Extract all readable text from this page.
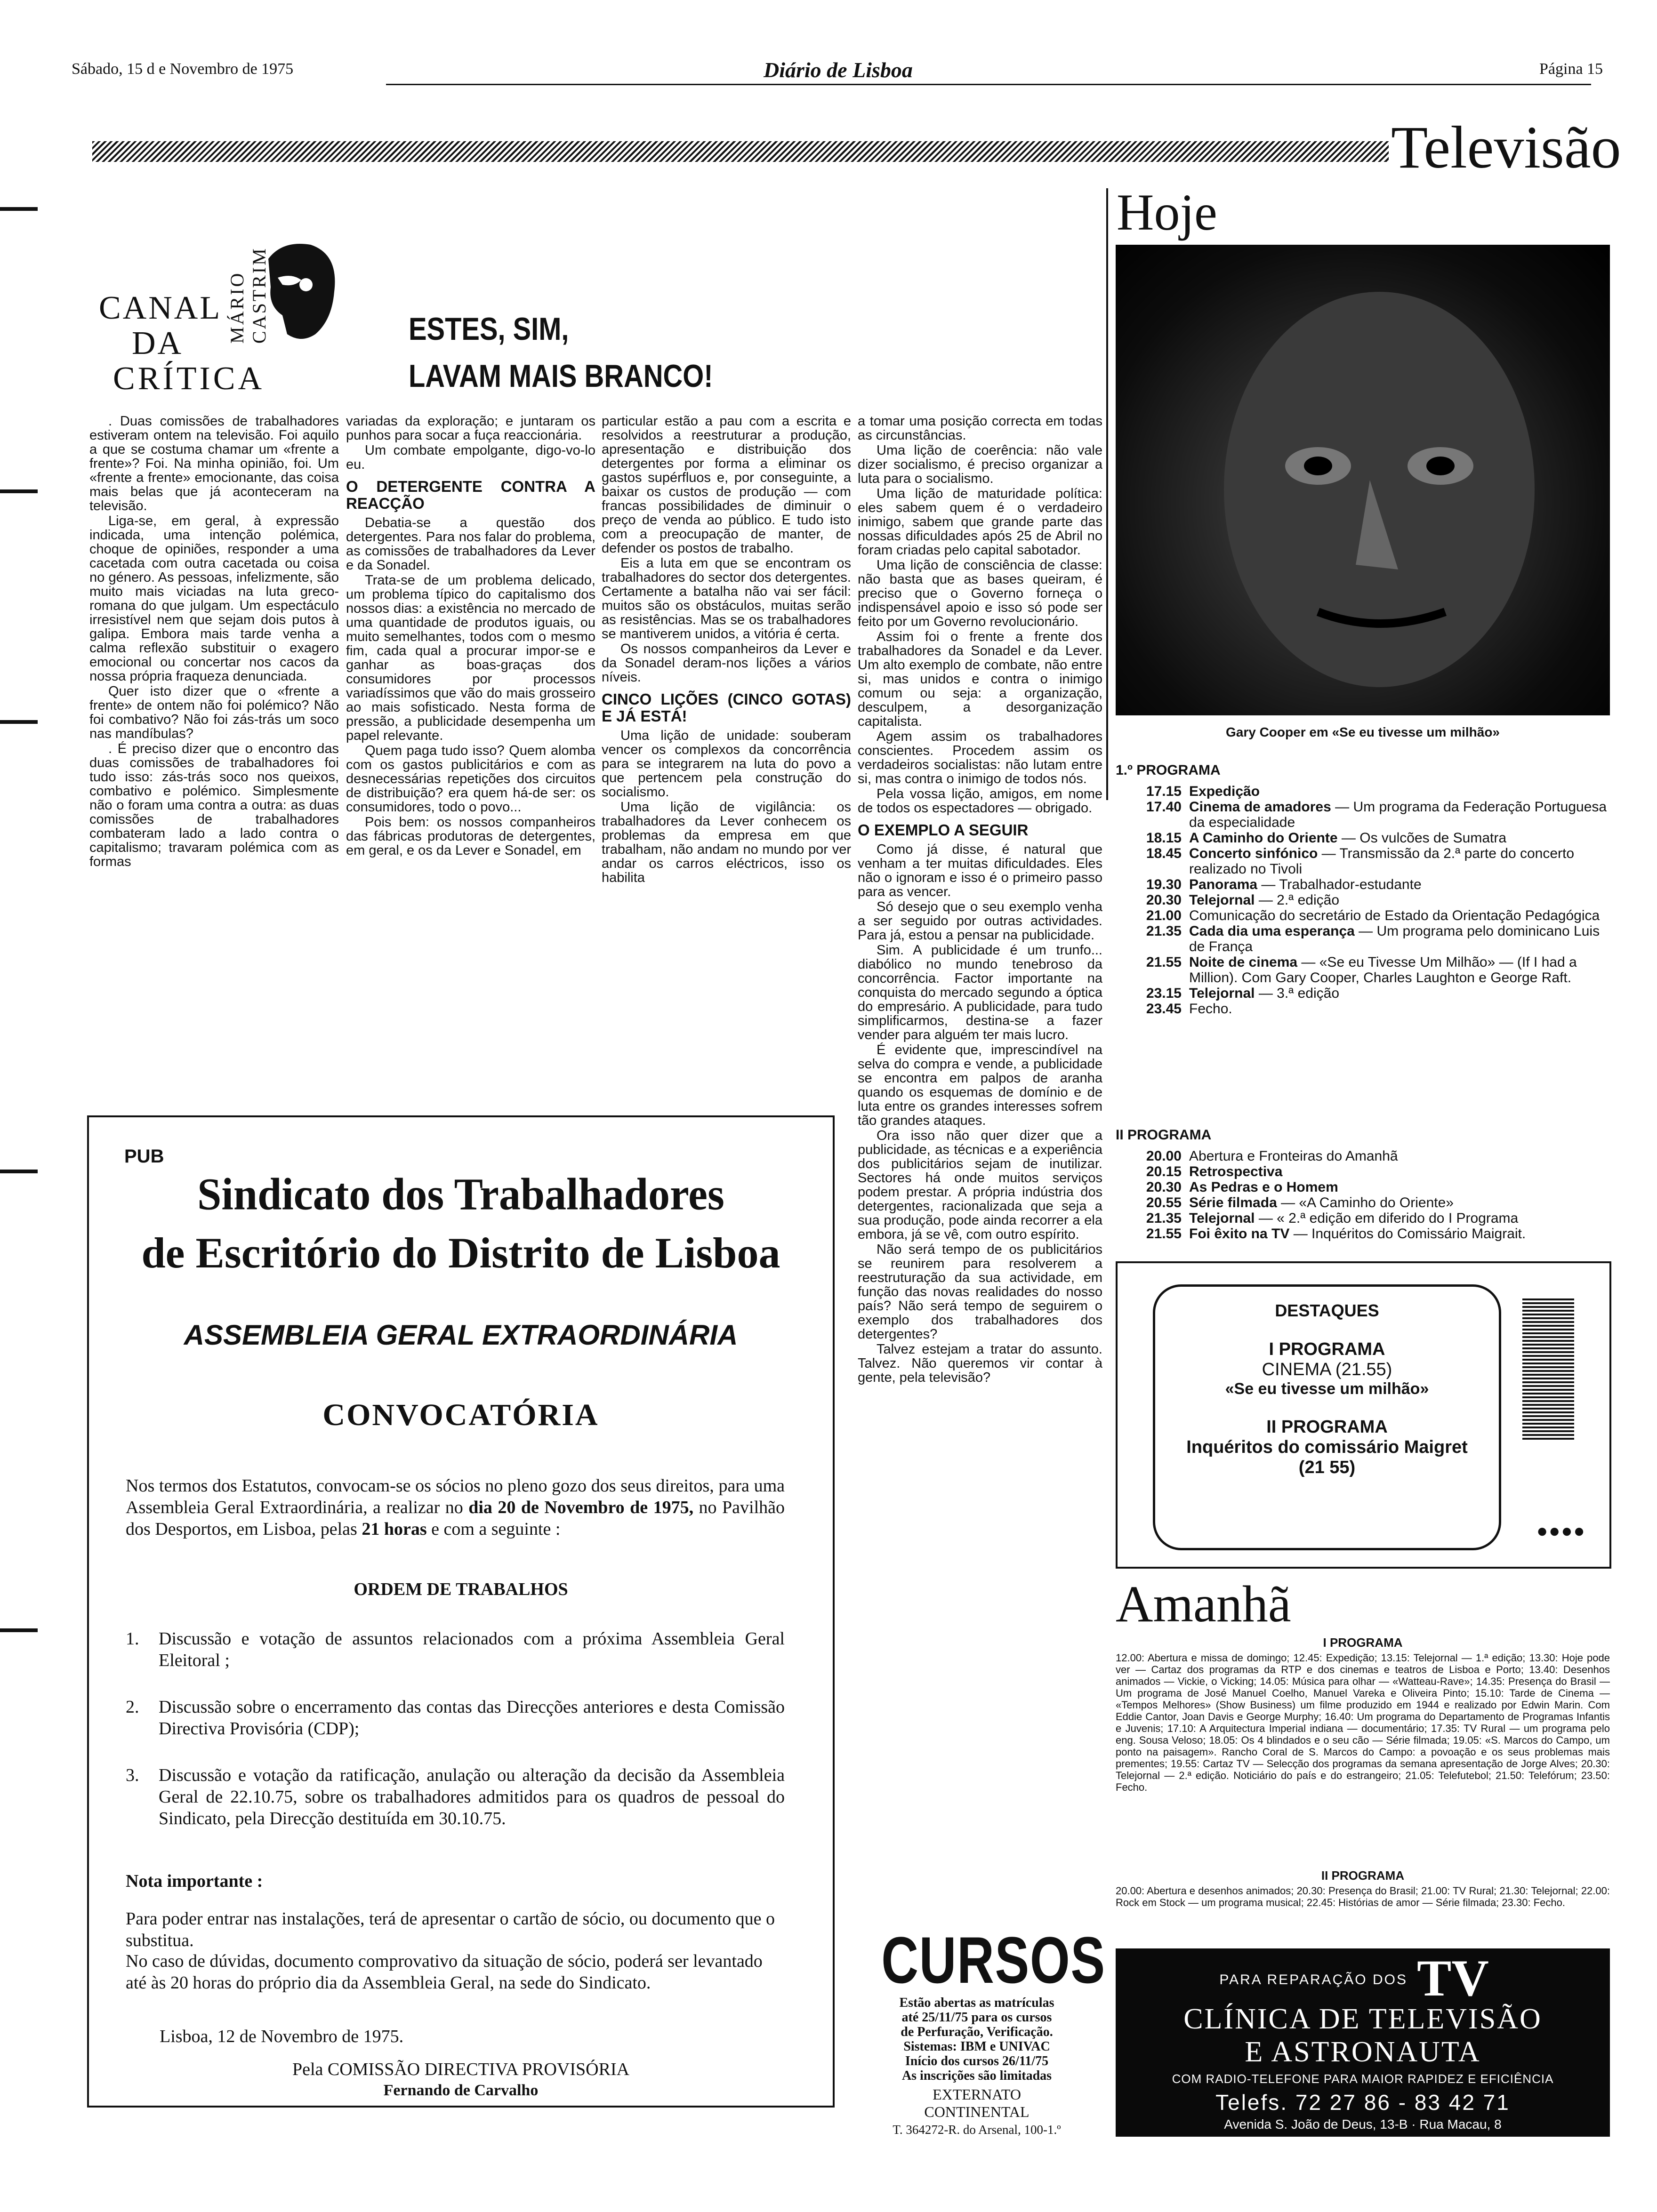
Sábado, 15 d e Novembro de 1975	Diário de Lisboa	Página 15
Televisão
MÁRIO CASTRIM
CANAL
DA
CRÍTICA
ESTES, SIM,
LAVAM MAIS BRANCO!

. Duas comissões de trabalhadores estiveram ontem na televisão. Foi aquilo a que se costuma chamar um «frente a frente»? Foi. Na minha opinião, foi. Um «frente a frente» emocionante, das coisa mais belas que já aconteceram na televisão.

Liga-se, em geral, à expressão indicada, uma intenção polémica, choque de opiniões, responder a uma cacetada com outra cacetada ou coisa no género. As pessoas, infelizmente, são muito mais viciadas na luta greco-romana do que julgam. Um espectáculo irresistível nem que sejam dois putos à galipa. Embora mais tarde venha a calma reflexão substituir o exagero emocional ou concertar nos cacos da nossa própria fraqueza denunciada.

Quer isto dizer que o «frente a frente» de ontem não foi polémico? Não foi combativo? Não foi zás-trás um soco nas mandíbulas?

. É preciso dizer que o encontro das duas comissões de trabalhadores foi tudo isso: zás-trás soco nos queixos, combativo e polémico. Simplesmente não o foram uma contra a outra: as duas comissões de trabalhadores combateram lado a lado contra o capitalismo; travaram polémica com as formas

variadas da exploração; e juntaram os punhos para socar a fuça reaccionária.

Um combate empolgante, digo-vo-lo eu.

O DETERGENTE CONTRA A REACÇÃO

Debatia-se a questão dos detergentes. Para nos falar do problema, as comissões de trabalhadores da Lever e da Sonadel.

Trata-se de um problema delicado, um problema típico do capitalismo dos nossos dias: a existência no mercado de uma quantidade de produtos iguais, ou muito semelhantes, todos com o mesmo fim, cada qual a procurar impor-se e ganhar as boas-graças dos consumidores por processos variadíssimos que vão do mais grosseiro ao mais sofisticado. Nesta forma de pressão, a publicidade desempenha um papel relevante.

Quem paga tudo isso? Quem alomba com os gastos publicitários e com as desnecessárias repetições dos circuitos de distribuição? era quem há-de ser: os consumidores, todo o povo...

Pois bem: os nossos companheiros das fábricas produtoras de detergentes, em geral, e os da Lever e Sonadel, em

particular estão a pau com a escrita e resolvidos a reestruturar a produção, apresentação e distribuição dos detergentes por forma a eliminar os gastos supérfluos e, por conseguinte, a baixar os custos de produção — com francas possibilidades de diminuir o preço de venda ao público. E tudo isto com a preocupação de manter, de defender os postos de trabalho.

Eis a luta em que se encontram os trabalhadores do sector dos detergentes. Certamente a batalha não vai ser fácil: muitos são os obstáculos, muitas serão as resistências. Mas se os trabalhadores se mantiverem unidos, a vitória é certa.

Os nossos companheiros da Lever e da Sonadel deram-nos lições a vários níveis.

CINCO LIÇÕES (CINCO GOTAS) E JÁ ESTÁ!

Uma lição de unidade: souberam vencer os complexos da concorrência para se integrarem na luta do povo a que pertencem pela construção do socialismo.

Uma lição de vigilância: os trabalhadores da Lever conhecem os problemas da empresa em que trabalham, não andam no mundo por ver andar os carros eléctricos, isso os habilita

a tomar uma posição correcta em todas as circunstâncias.

Uma lição de coerência: não vale dizer socialismo, é preciso organizar a luta para o socialismo.

Uma lição de maturidade política: eles sabem quem é o verdadeiro inimigo, sabem que grande parte das nossas dificuldades após 25 de Abril no foram criadas pelo capital sabotador.

Uma lição de consciência de classe: não basta que as bases queiram, é preciso que o Governo forneça o indispensável apoio e isso só pode ser feito por um Governo revolucionário.

Assim foi o frente a frente dos trabalhadores da Sonadel e da Lever. Um alto exemplo de combate, não entre si, mas unidos e contra o inimigo comum ou seja: a organização, desculpem, a desorganização capitalista.

Agem assim os trabalhadores conscientes. Procedem assim os verdadeiros socialistas: não lutam entre si, mas contra o inimigo de todos nós.

Pela vossa lição, amigos, em nome de todos os espectadores — obrigado.

O EXEMPLO A SEGUIR

Como já disse, é natural que venham a ter muitas dificuldades. Eles não o ignoram e isso é o primeiro passo para as vencer.

Só desejo que o seu exemplo venha a ser seguido por outras actividades. Para já, estou a pensar na publicidade.

Sim. A publicidade é um trunfo... diabólico no mundo tenebroso da concorrência. Factor importante na conquista do mercado segundo a óptica do empresário. A publicidade, para tudo simplificarmos, destina-se a fazer vender para alguém ter mais lucro.

É evidente que, imprescindível na selva do compra e vende, a publicidade se encontra em palpos de aranha quando os esquemas de domínio e de luta entre os grandes interesses sofrem tão grandes ataques.

Ora isso não quer dizer que a publicidade, as técnicas e a experiência dos publicitários sejam de inutilizar. Sectores há onde muitos serviços podem prestar. A própria indústria dos detergentes, racionalizada que seja a sua produção, pode ainda recorrer a ela embora, já se vê, com outro espírito.

Não será tempo de os publicitários se reunirem para resolverem a reestruturação da sua actividade, em função das novas realidades do nosso país? Não será tempo de seguirem o exemplo dos trabalhadores dos detergentes?

Talvez estejam a tratar do assunto. Talvez. Não queremos vir contar à gente, pela televisão?

PUB
Sindicato dos Trabalhadores
de Escritório do Distrito de Lisboa
ASSEMBLEIA GERAL EXTRAORDINÁRIA
CONVOCATÓRIA

Nos termos dos Estatutos, convocam-se os sócios no pleno gozo dos seus direitos, para uma Assembleia Geral Extraordinária, a realizar no dia 20 de Novembro de 1975, no Pavilhão dos Desportos, em Lisboa, pelas 21 horas e com a seguinte :

ORDEM DE TRABALHOS
1.	Discussão e votação de assuntos relacionados com a próxima Assembleia Geral Eleitoral ;
2.	Discussão sobre o encerramento das contas das Direcções anteriores e desta Comissão Directiva Provisória (CDP);
3.	Discussão e votação da ratificação, anulação ou alteração da decisão da Assembleia Geral de 22.10.75, sobre os trabalhadores admitidos para os quadros de pessoal do Sindicato, pela Direcção destituída em 30.10.75.
Nota importante :

Para poder entrar nas instalações, terá de apresentar o cartão de sócio, ou documento que o substitua.

No caso de dúvidas, documento comprovativo da situação de sócio, poderá ser levantado até às 20 horas do próprio dia da Assembleia Geral, na sede do Sindicato.

Lisboa, 12 de Novembro de 1975.
Pela COMISSÃO DIRECTIVA PROVISÓRIA
Fernando de Carvalho
CURSOS
Estão abertas as matrículas
até 25/11/75 para os cursos
de Perfuração, Verificação.
Sistemas: IBM e UNIVAC
Início dos cursos 26/11/75
As inscrições são limitadas
EXTERNATO
CONTINENTAL
T. 364272-R. do Arsenal, 100-1.º
Hoje
Gary Cooper em «Se eu tivesse um milhão»
1.º PROGRAMA
17.15 Expedição
17.40 Cinema de amadores — Um programa da Federação Portuguesa da especialidade
18.15 A Caminho do Oriente — Os vulcões de Sumatra
18.45 Concerto sinfónico — Transmissão da 2.ª parte do concerto realizado no Tivoli
19.30 Panorama — Trabalhador-estudante
20.30 Telejornal — 2.ª edição
21.00 Comunicação do secretário de Estado da Orientação Pedagógica
21.35 Cada dia uma esperança — Um programa pelo dominicano Luis de França
21.55 Noite de cinema — «Se eu Tivesse Um Milhão» — (If I had a Million). Com Gary Cooper, Charles Laughton e George Raft.
23.15 Telejornal — 3.ª edição
23.45 Fecho.
II PROGRAMA
20.00 Abertura e Fronteiras do Amanhã
20.15 Retrospectiva
20.30 As Pedras e o Homem
20.55 Série filmada — «A Caminho do Oriente»
21.35 Telejornal — « 2.ª edição em diferido do I Programa
21.55 Foi êxito na TV — Inquéritos do Comissário Maigrait.
DESTAQUES
I PROGRAMA
CINEMA (21.55)
«Se eu tivesse um milhão»
II PROGRAMA
Inquéritos do comissário Maigret (21 55)
●●●●
Amanhã
I PROGRAMA
12.00: Abertura e missa de domingo; 12.45: Expedição; 13.15: Telejornal — 1.ª edição; 13.30: Hoje pode ver — Cartaz dos programas da RTP e dos cinemas e teatros de Lisboa e Porto; 13.40: Desenhos animados — Vickie, o Vicking; 14.05: Música para olhar — «Watteau-Rave»; 14.35: Presença do Brasil — Um programa de José Manuel Coelho, Manuel Vareka e Oliveira Pinto; 15.10: Tarde de Cinema — «Tempos Melhores» (Show Business) um filme produzido em 1944 e realizado por Edwin Marin. Com Eddie Cantor, Joan Davis e George Murphy; 16.40: Um programa do Departamento de Programas Infantis e Juvenis; 17.10: A Arquitectura Imperial indiana — documentário; 17.35: TV Rural — um programa pelo eng. Sousa Veloso; 18.05: Os 4 blindados e o seu cão — Série filmada; 19.05: «S. Marcos do Campo, um ponto na paisagem». Rancho Coral de S. Marcos do Campo: a povoação e os seus problemas mais prementes; 19.55: Cartaz TV — Selecção dos programas da semana apresentação de Jorge Alves; 20.30: Telejornal — 2.ª edição. Noticiário do país e do estrangeiro; 21.05: Telefutebol; 21.50: Telefórum; 23.50: Fecho.
II PROGRAMA
20.00: Abertura e desenhos animados; 20.30: Presença do Brasil; 21.00: TV Rural; 21.30: Telejornal; 22.00: Rock em Stock — um programa musical; 22.45: Histórias de amor — Série filmada; 23.30: Fecho.
PARA REPARAÇÃO DOS TV
CLÍNICA DE TELEVISÃO
E ASTRONAUTA
COM RADIO-TELEFONE PARA MAIOR RAPIDEZ E EFICIÊNCIA
Telefs. 72 27 86 - 83 42 71
Avenida S. João de Deus, 13-B · Rua Macau, 8
